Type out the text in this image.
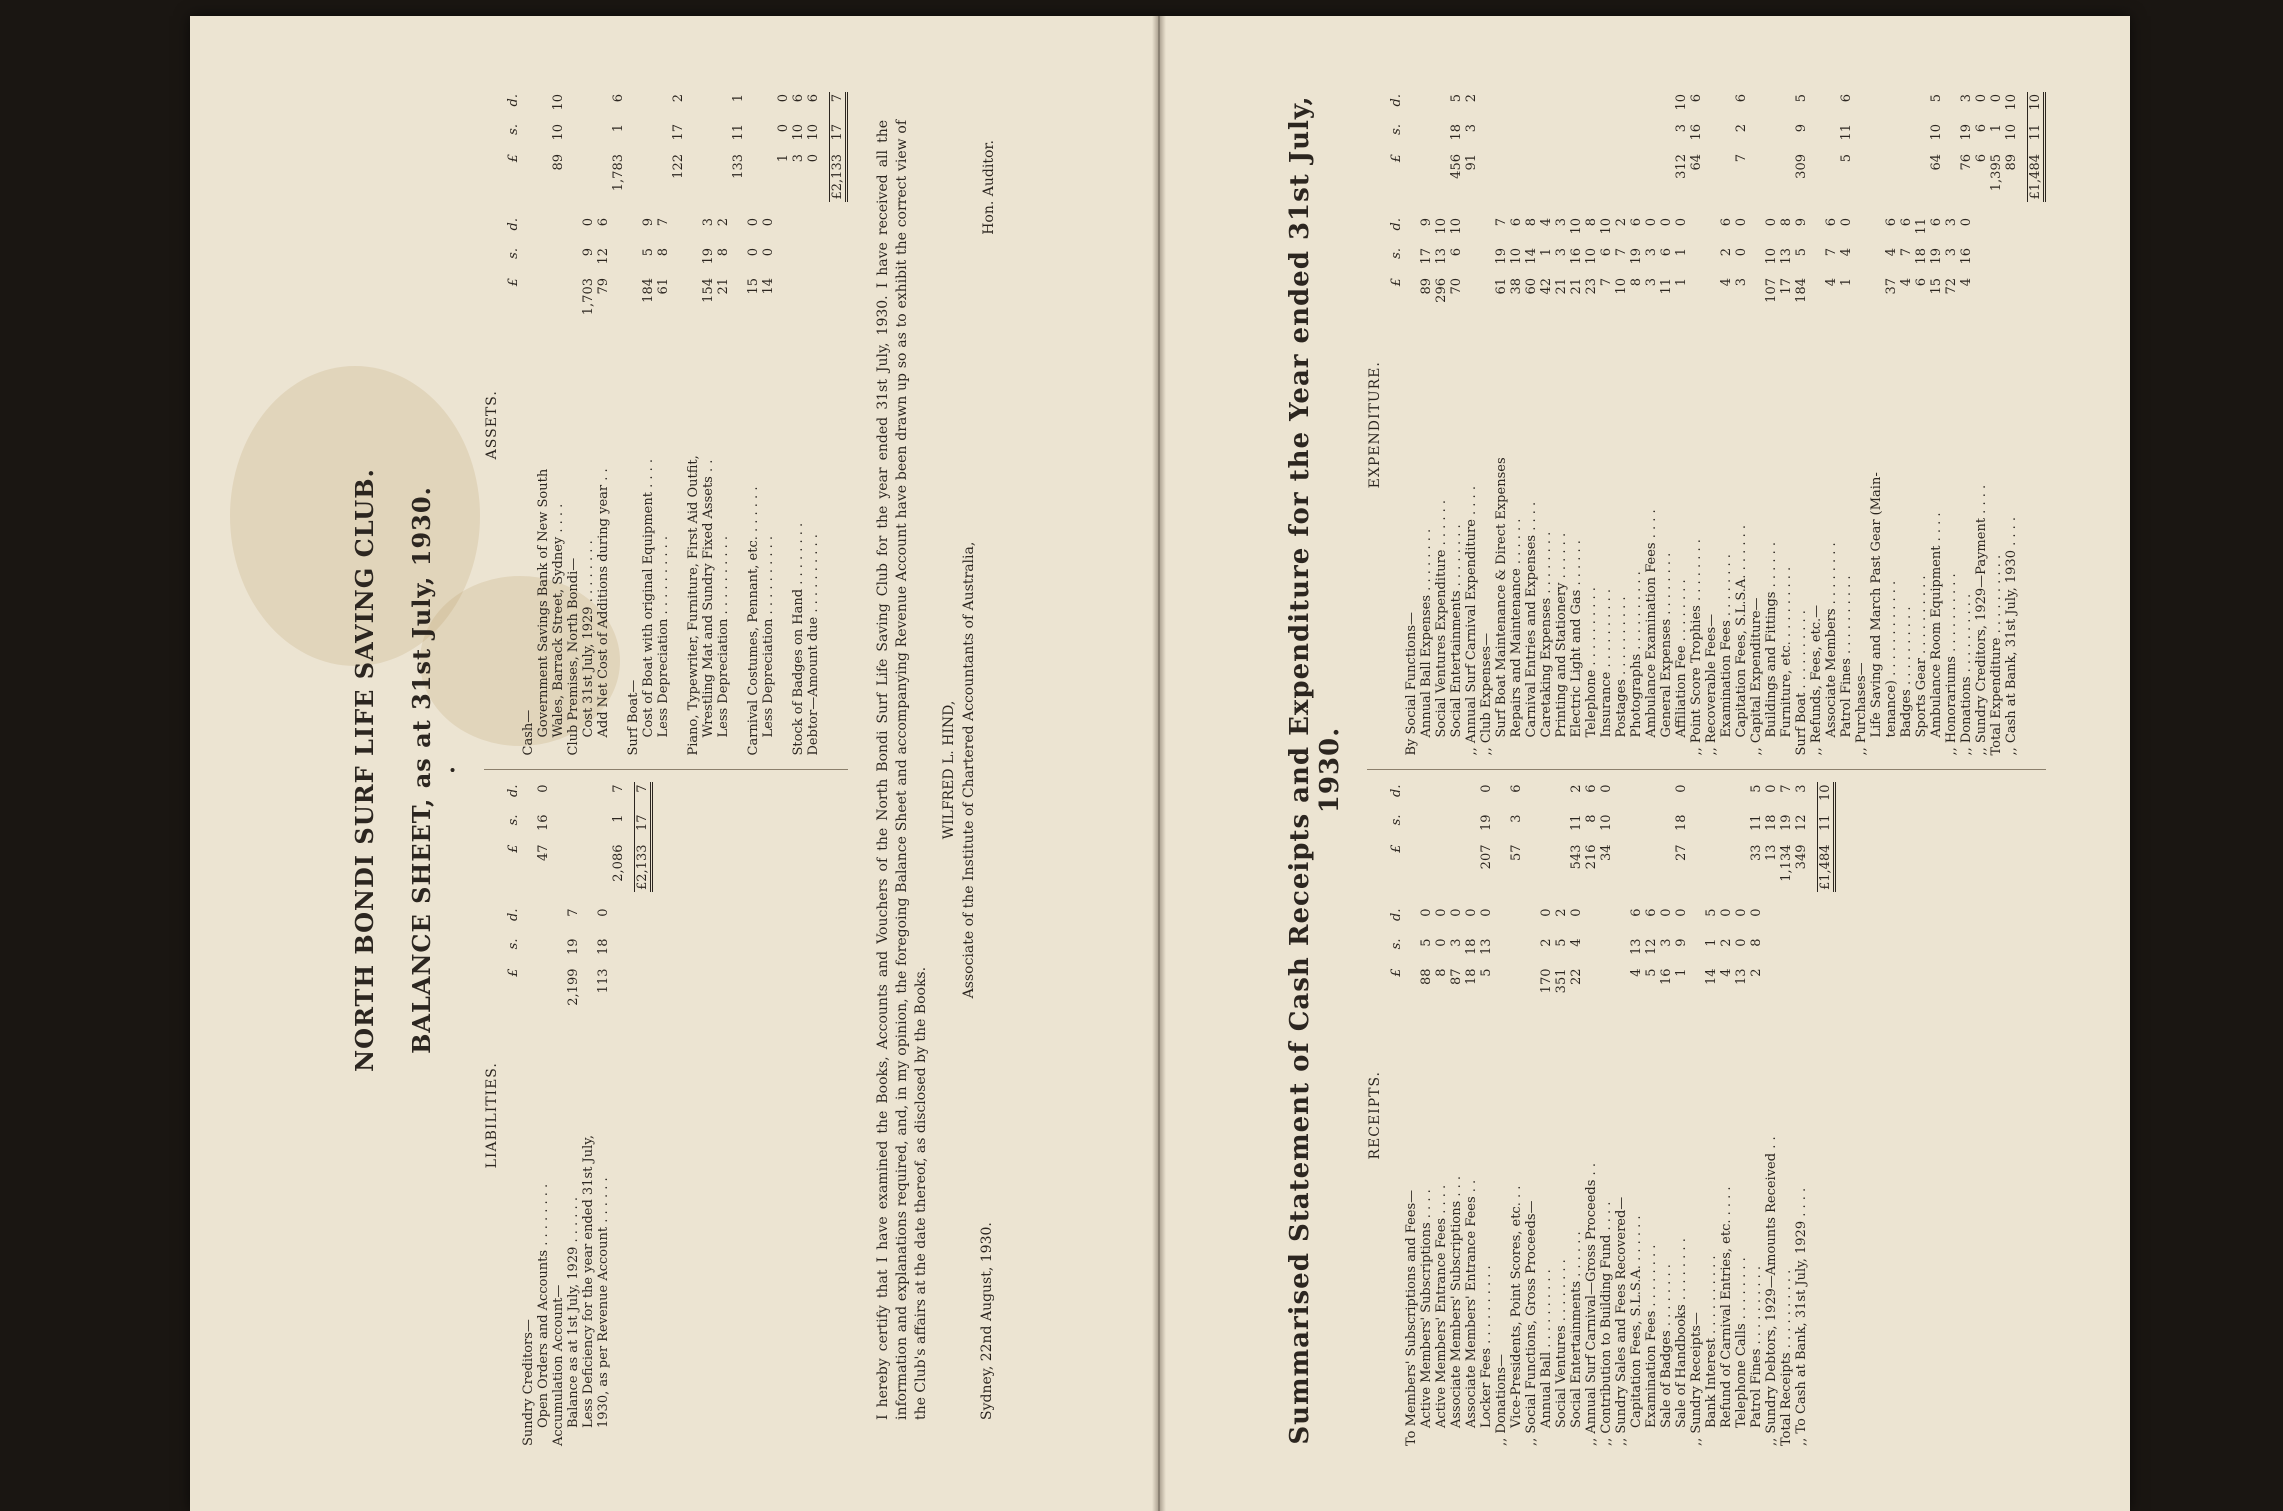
NORTH BONDI SURF LIFE SAVING CLUB. BALANCE SHEET, as at 31st July, 1930. •
LIABILITIES.
	£	s.	d.		£	s.	d.
Sundry Creditors—							
Open Orders and Accounts . . . . . . . .					47	16	0
Accumulation Account—							
Balance as at 1st July, 1929 . . . . . .	2,199	19	7				
Less Deficiency for the year ended 31st July,							
1930, as per Revenue Account . . . . . .	113	18	0				
					2,086	1	7

					£2,133	17	7
ASSETS.
	£	s.	d.		£	s.	d.
Cash—							
Government Savings Bank of New South							
Wales, Barrack Street, Sydney . . . .					89	10	10
Club Premises, North Bondi—							
Cost 31st July, 1929 . . . . . . . .	1,703	9	0				
Add Net Cost of Additions during year . .	79	12	6				
					1,783	1	6
Surf Boat—							
Cost of Boat with original Equipment . . . .	184	5	9				
Less Depreciation . . . . . . . . . .	61	8	7				
					122	17	2
Piano, Typewriter, Furniture, First Aid Outfit,							
Wrestling Mat and Sundry Fixed Assets . .	154	19	3				
Less Depreciation . . . . . . . . . .	21	8	2				
					133	11	1
Carnival Costumes, Pennant, etc. . . . . . .	15	0	0				
Less Depreciation . . . . . . . . . .	14	0	0				
					1	0	0
Stock of Badges on Hand . . . . . . . .					3	10	6
Debtor—Amount due . . . . . . . . . .					0	10	6

					£2,133	17	7
I hereby certify that I have examined the Books, Accounts and Vouchers of the North Bondi Surf Life Saving Club for the year ended 31st July, 1930. I have received all the information and explanations required, and, in my opinion, the foregoing Balance Sheet and accompanying Revenue Account have been drawn up so as to exhibit the correct view of the Club's affairs at the date thereof, as disclosed by the Books.
WILFRED L. HIND, Associate of the Institute of Chartered Accountants of Australia,
Hon. Auditor.
Sydney, 22nd August, 1930.	Summarised Statement of Cash Receipts and Expenditure for the Year ended 31st July, 1930.
RECEIPTS.
	£	s.	d.		£	s.	d.
To Members' Subscriptions and Fees—							
Active Members' Subscriptions . . . .	88	5	0				
Active Members' Entrance Fees . . . .	8	0	0				
Associate Members' Subscriptions . . .	87	3	0				
Associate Members' Entrance Fees . .	18	18	0				
Locker Fees . . . . . . . . . .	5	13	0		207	19	0
,, Donations—							
Vice-Presidents, Point Scores, etc. . .					57	3	6
,, Social Functions, Gross Proceeds—							
Annual Ball . . . . . . . . . .	170	2	0				
Social Ventures . . . . . . . .	351	5	2				
Social Entertainments . . . . . .	22	4	0		543	11	2
,, Annual Surf Carnival—Gross Proceeds . .					216	8	6
,, Contribution to Building Fund . . . .					34	10	0
,, Sundry Sales and Fees Recovered—							
Capitation Fees, S.L.S.A. . . . . . .	4	13	6				
Examination Fees . . . . . . . .	5	12	6				
Sale of Badges . . . . . . . .	16	3	0				
Sale of Handbooks . . . . . . . .	1	9	0		27	18	0
,, Sundry Receipts—							
Bank Interest . . . . . . . . . .	14	1	5				
Refund of Carnival Entries, etc. . . . .	4	2	0				
Telephone Calls . . . . . . . .	13	0	0				
Patrol Fines . . . . . . . . . .	2	8	0		33	11	5
,, Sundry Debtors, 1929—Amounts Received . .					13	18	0
Total Receipts . . . . . . . . . .					1,134	19	7
,, To Cash at Bank, 31st July, 1929 . . . .					349	12	3

					£1,484	11	10
EXPENDITURE.
	£	s.	d.		£	s.	d.
By Social Functions—							
Annual Ball Expenses . . . . . . . .	89	17	9				
Social Ventures Expenditure . . . . . .	296	13	10				
Social Entertainments . . . . . . . .	70	6	10		456	18	5
,, Annual Surf Carnival Expenditure . . . .					91	3	2
,, Club Expenses—							
Surf Boat Maintenance & Direct Expenses	61	19	7				
Repairs and Maintenance . . . . . .	38	10	6				
Carnival Entries and Expenses . . . .	60	14	8				
Caretaking Expenses . . . . . . . .	42	1	4				
Printing and Stationery . . . . . .	21	3	3				
Electric Light and Gas . . . . . .	21	16	10				
Telephone . . . . . . . . . .	23	10	8				
Insurance . . . . . . . . . .	7	6	10				
Postages . . . . . . . . . .	10	7	2				
Photographs . . . . . . . . . .	8	19	6				
Ambulance Examination Fees . . . .	3	3	0				
General Expenses . . . . . . . .	11	6	0				
Affiliation Fee . . . . . . . .	1	1	0		312	3	10
,, Point Score Trophies . . . . . . . .					64	16	6
,, Recoverable Fees—							
Examination Fees . . . . . . . .	4	2	6				
Capitation Fees, S.L.S.A. . . . . . .	3	0	0		7	2	6
,, Capital Expenditure—							
Buildings and Fittings . . . . . .	107	10	0				
Furniture, etc. . . . . . . . . .	17	13	8				
Surf Boat . . . . . . . . . .	184	5	9		309	9	5
,, Refunds, Fees, etc.—							
Associate Members . . . . . . . .	4	7	6				
Patrol Fines . . . . . . . . . .	1	4	0		5	11	6
,, Purchases—							
Life Saving and March Past Gear (Main-							
tenance) . . . . . . . . . . . .	37	4	6				
Badges . . . . . . . . . .	4	7	6				
Sports Gear . . . . . . . . . .	6	18	11				
Ambulance Room Equipment . . . .	15	19	6		64	10	5
,, Honorariums . . . . . . . . . .	72	3	3				
,, Donations . . . . . . . . . .	4	16	0		76	19	3
,, Sundry Creditors, 1929—Payment . . . .					6	6	0
Total Expenditure . . . . . . . . . .					1,395	1	0
,, Cash at Bank, 31st July, 1930 . . . .					89	10	10

					£1,484	11	10
